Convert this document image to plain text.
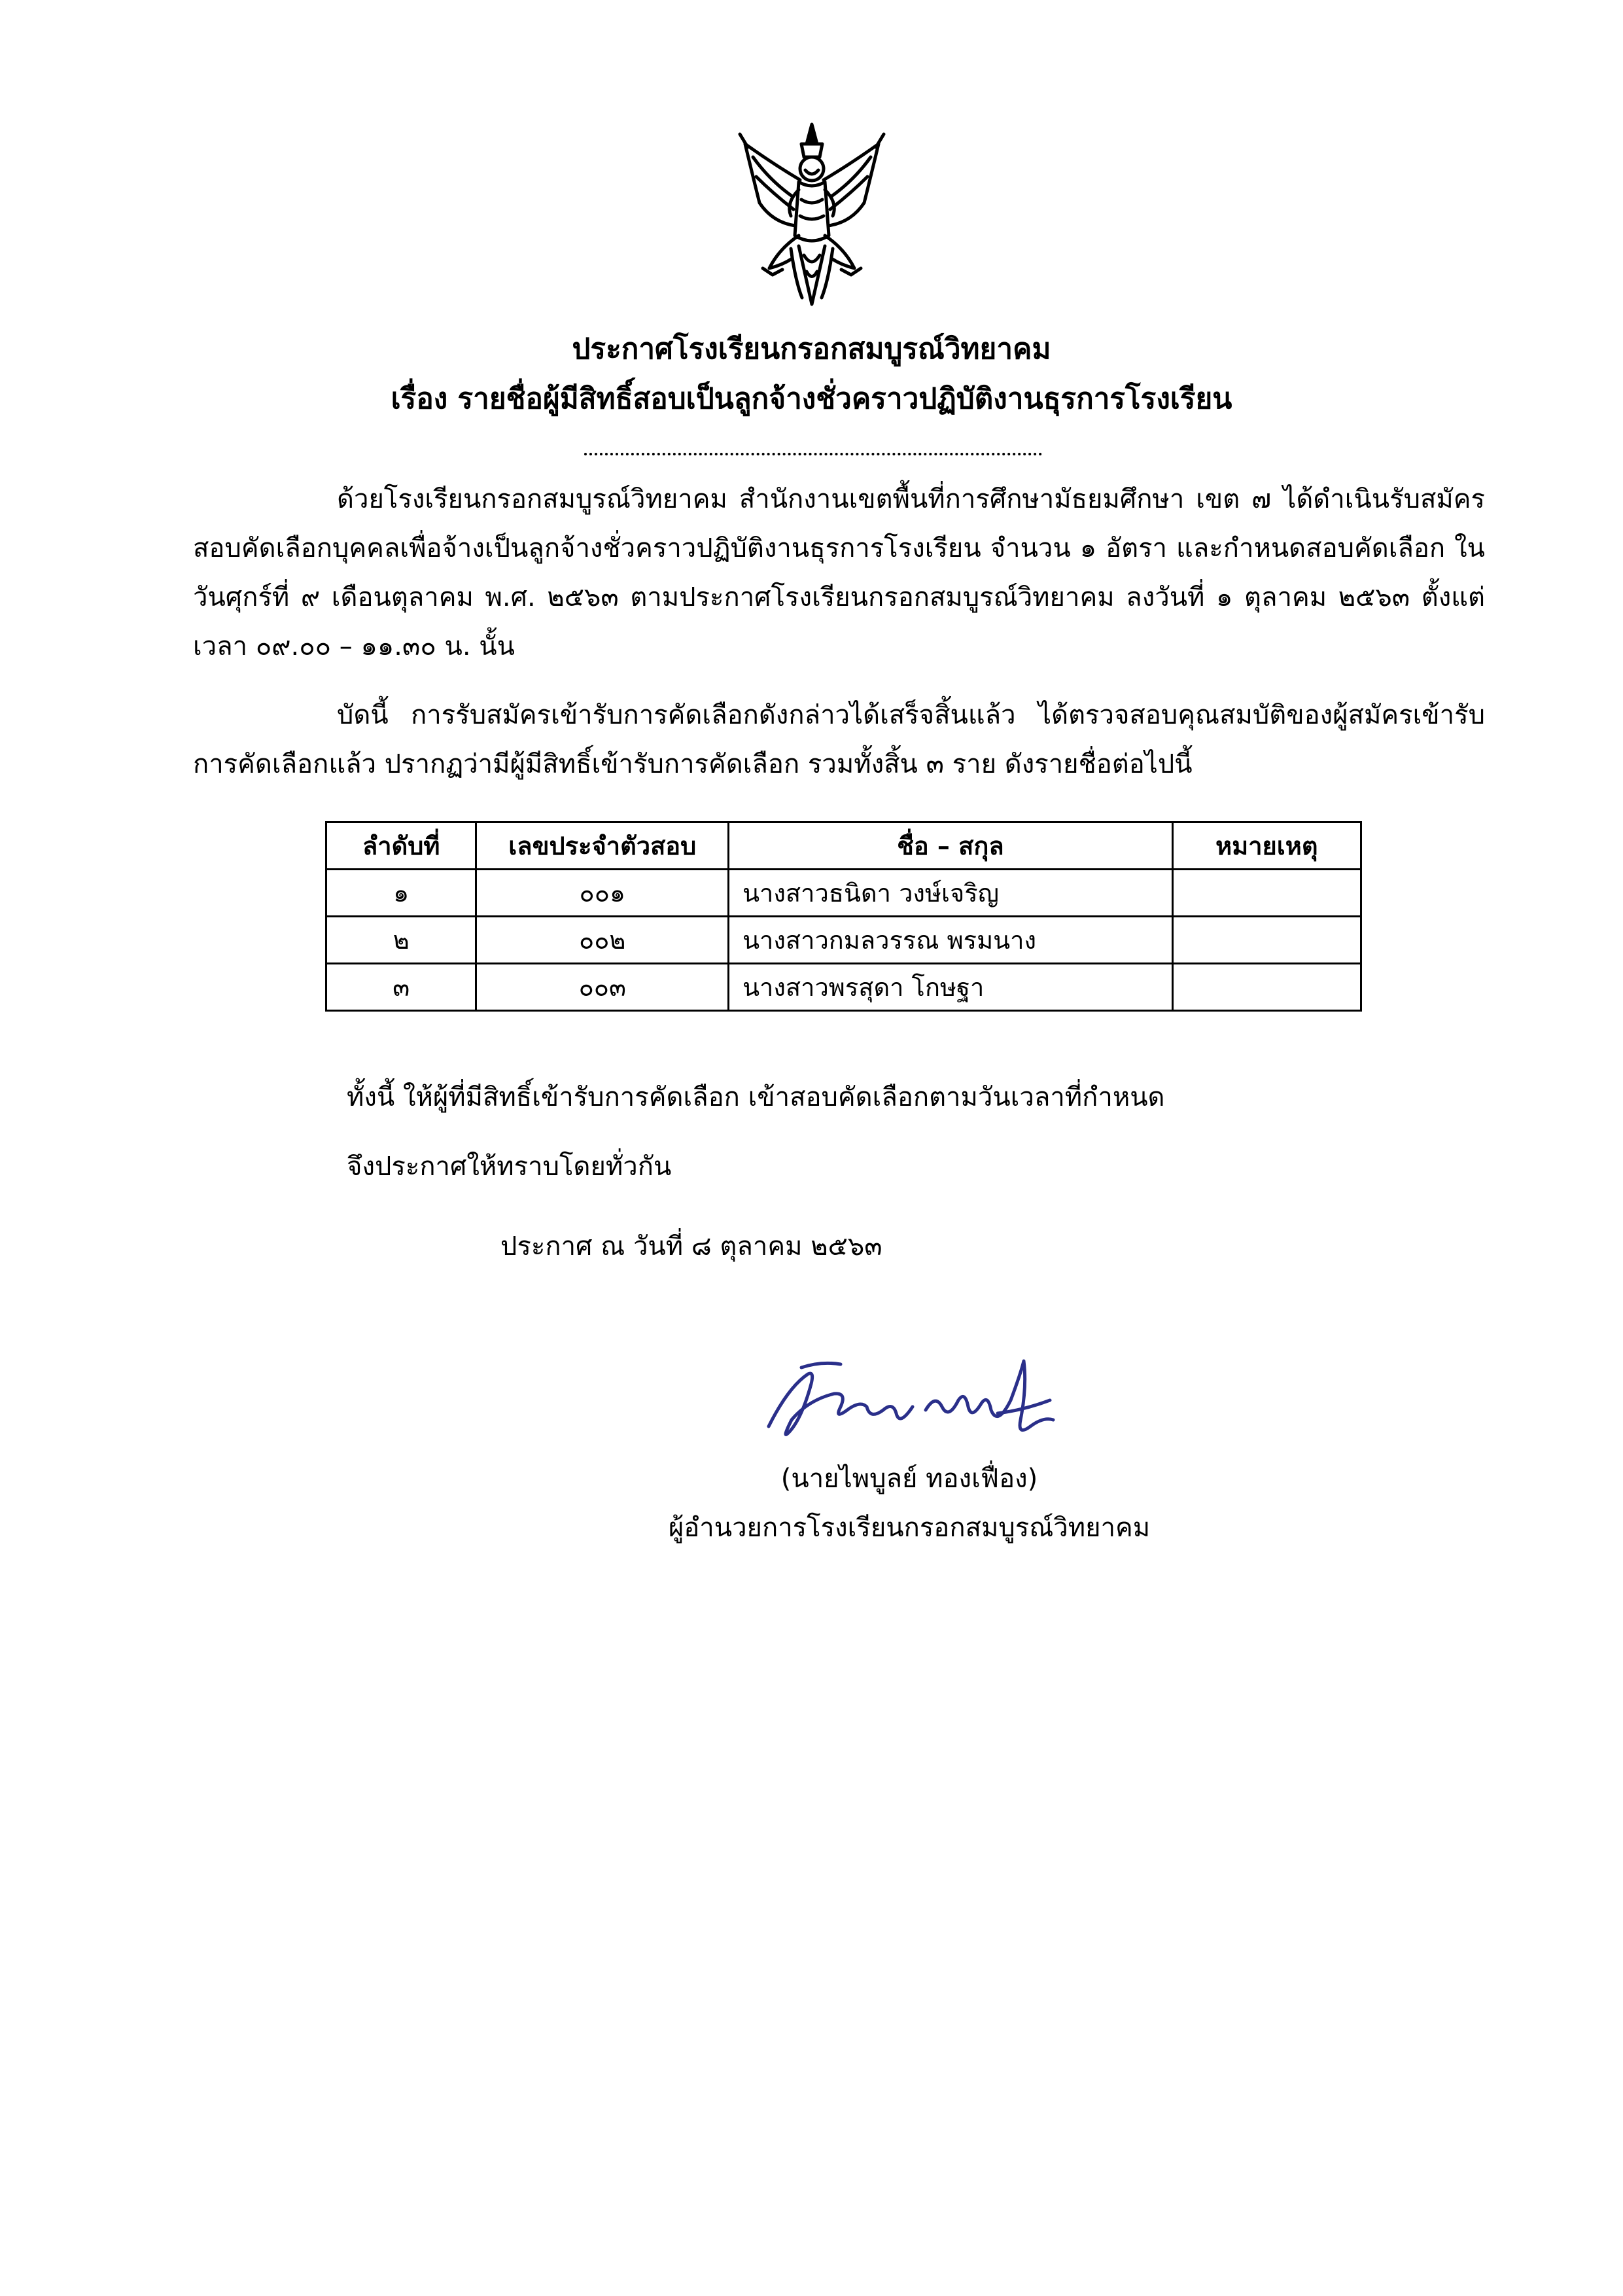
ประกาศโรงเรียนกรอกสมบูรณ์วิทยาคม
เรื่อง รายชื่อผู้มีสิทธิ์สอบเป็นลูกจ้างชั่วคราวปฏิบัติงานธุรการโรงเรียน
ด้วยโรงเรียนกรอกสมบูรณ์วิทยาคม สำนักงานเขตพื้นที่การศึกษามัธยมศึกษา เขต ๗ ได้ดำเนินรับสมัครสอบคัดเลือกบุคคลเพื่อจ้างเป็นลูกจ้างชั่วคราวปฏิบัติงานธุรการโรงเรียน จำนวน ๑ อัตรา และกำหนดสอบคัดเลือก ในวันศุกร์ที่ ๙ เดือนตุลาคม พ.ศ. ๒๕๖๓ ตามประกาศโรงเรียนกรอกสมบูรณ์วิทยาคม ลงวันที่ ๑ ตุลาคม ๒๕๖๓ ตั้งแต่เวลา ๐๙.๐๐ – ๑๑.๓๐ น. นั้น
บัดนี้ การรับสมัครเข้ารับการคัดเลือกดังกล่าวได้เสร็จสิ้นแล้ว ได้ตรวจสอบคุณสมบัติของผู้สมัครเข้ารับการคัดเลือกแล้ว ปรากฏว่ามีผู้มีสิทธิ์เข้ารับการคัดเลือก รวมทั้งสิ้น ๓ ราย ดังรายชื่อต่อไปนี้
ลำดับที่	เลขประจำตัวสอบ	ชื่อ – สกุล	หมายเหตุ
๑	๐๐๑	นางสาวธนิดา วงษ์เจริญ	
๒	๐๐๒	นางสาวกมลวรรณ พรมนาง	
๓	๐๐๓	นางสาวพรสุดา โกษฐา	
ทั้งนี้ ให้ผู้ที่มีสิทธิ์เข้ารับการคัดเลือก เข้าสอบคัดเลือกตามวันเวลาที่กำหนด
จึงประกาศให้ทราบโดยทั่วกัน
ประกาศ ณ วันที่ ๘ ตุลาคม ๒๕๖๓
(นายไพบูลย์ ทองเฟื่อง)
ผู้อำนวยการโรงเรียนกรอกสมบูรณ์วิทยาคม
